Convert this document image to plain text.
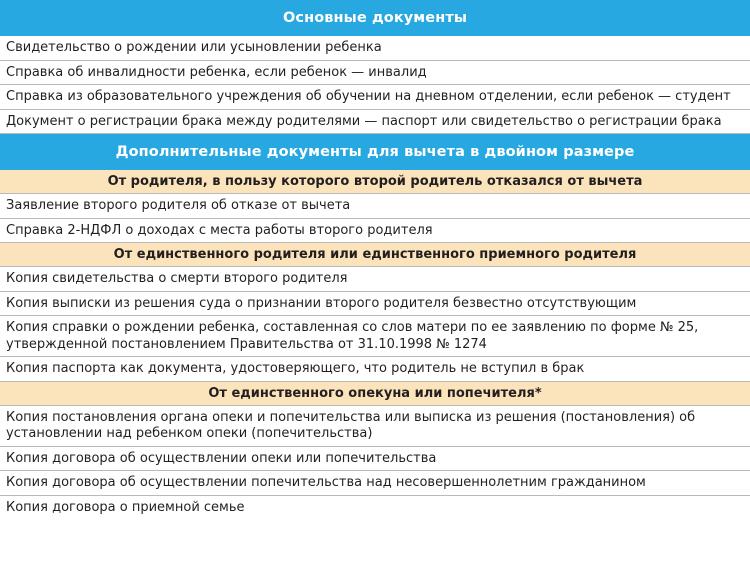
Основные документы
Свидетельство о рождении или усыновлении ребенка
Справка об инвалидности ребенка, если ребенок — инвалид
Справка из образовательного учреждения об обучении на дневном отделении, если ребенок — студент
Документ о регистрации брака между родителями — паспорт или свидетельство о регистрации брака
Дополнительные документы для вычета в двойном размере
От родителя, в пользу которого второй родитель отказался от вычета
Заявление второго родителя об отказе от вычета
Справка 2-НДФЛ о доходах с места работы второго родителя
От единственного родителя или единственного приемного родителя
Копия свидетельства о смерти второго родителя
Копия выписки из решения суда о признании второго родителя безвестно отсутствующим
Копия справки о рождении ребенка, составленная со слов матери по ее заявлению по форме № 25, утвержденной постановлением Правительства от 31.10.1998 № 1274
Копия паспорта как документа, удостоверяющего, что родитель не вступил в брак
От единственного опекуна или попечителя*
Копия постановления органа опеки и попечительства или выписка из решения (постановления) об установлении над ребенком опеки (попечительства)
Копия договора об осуществлении опеки или попечительства
Копия договора об осуществлении попечительства над несовершеннолетним гражданином
Копия договора о приемной семье
